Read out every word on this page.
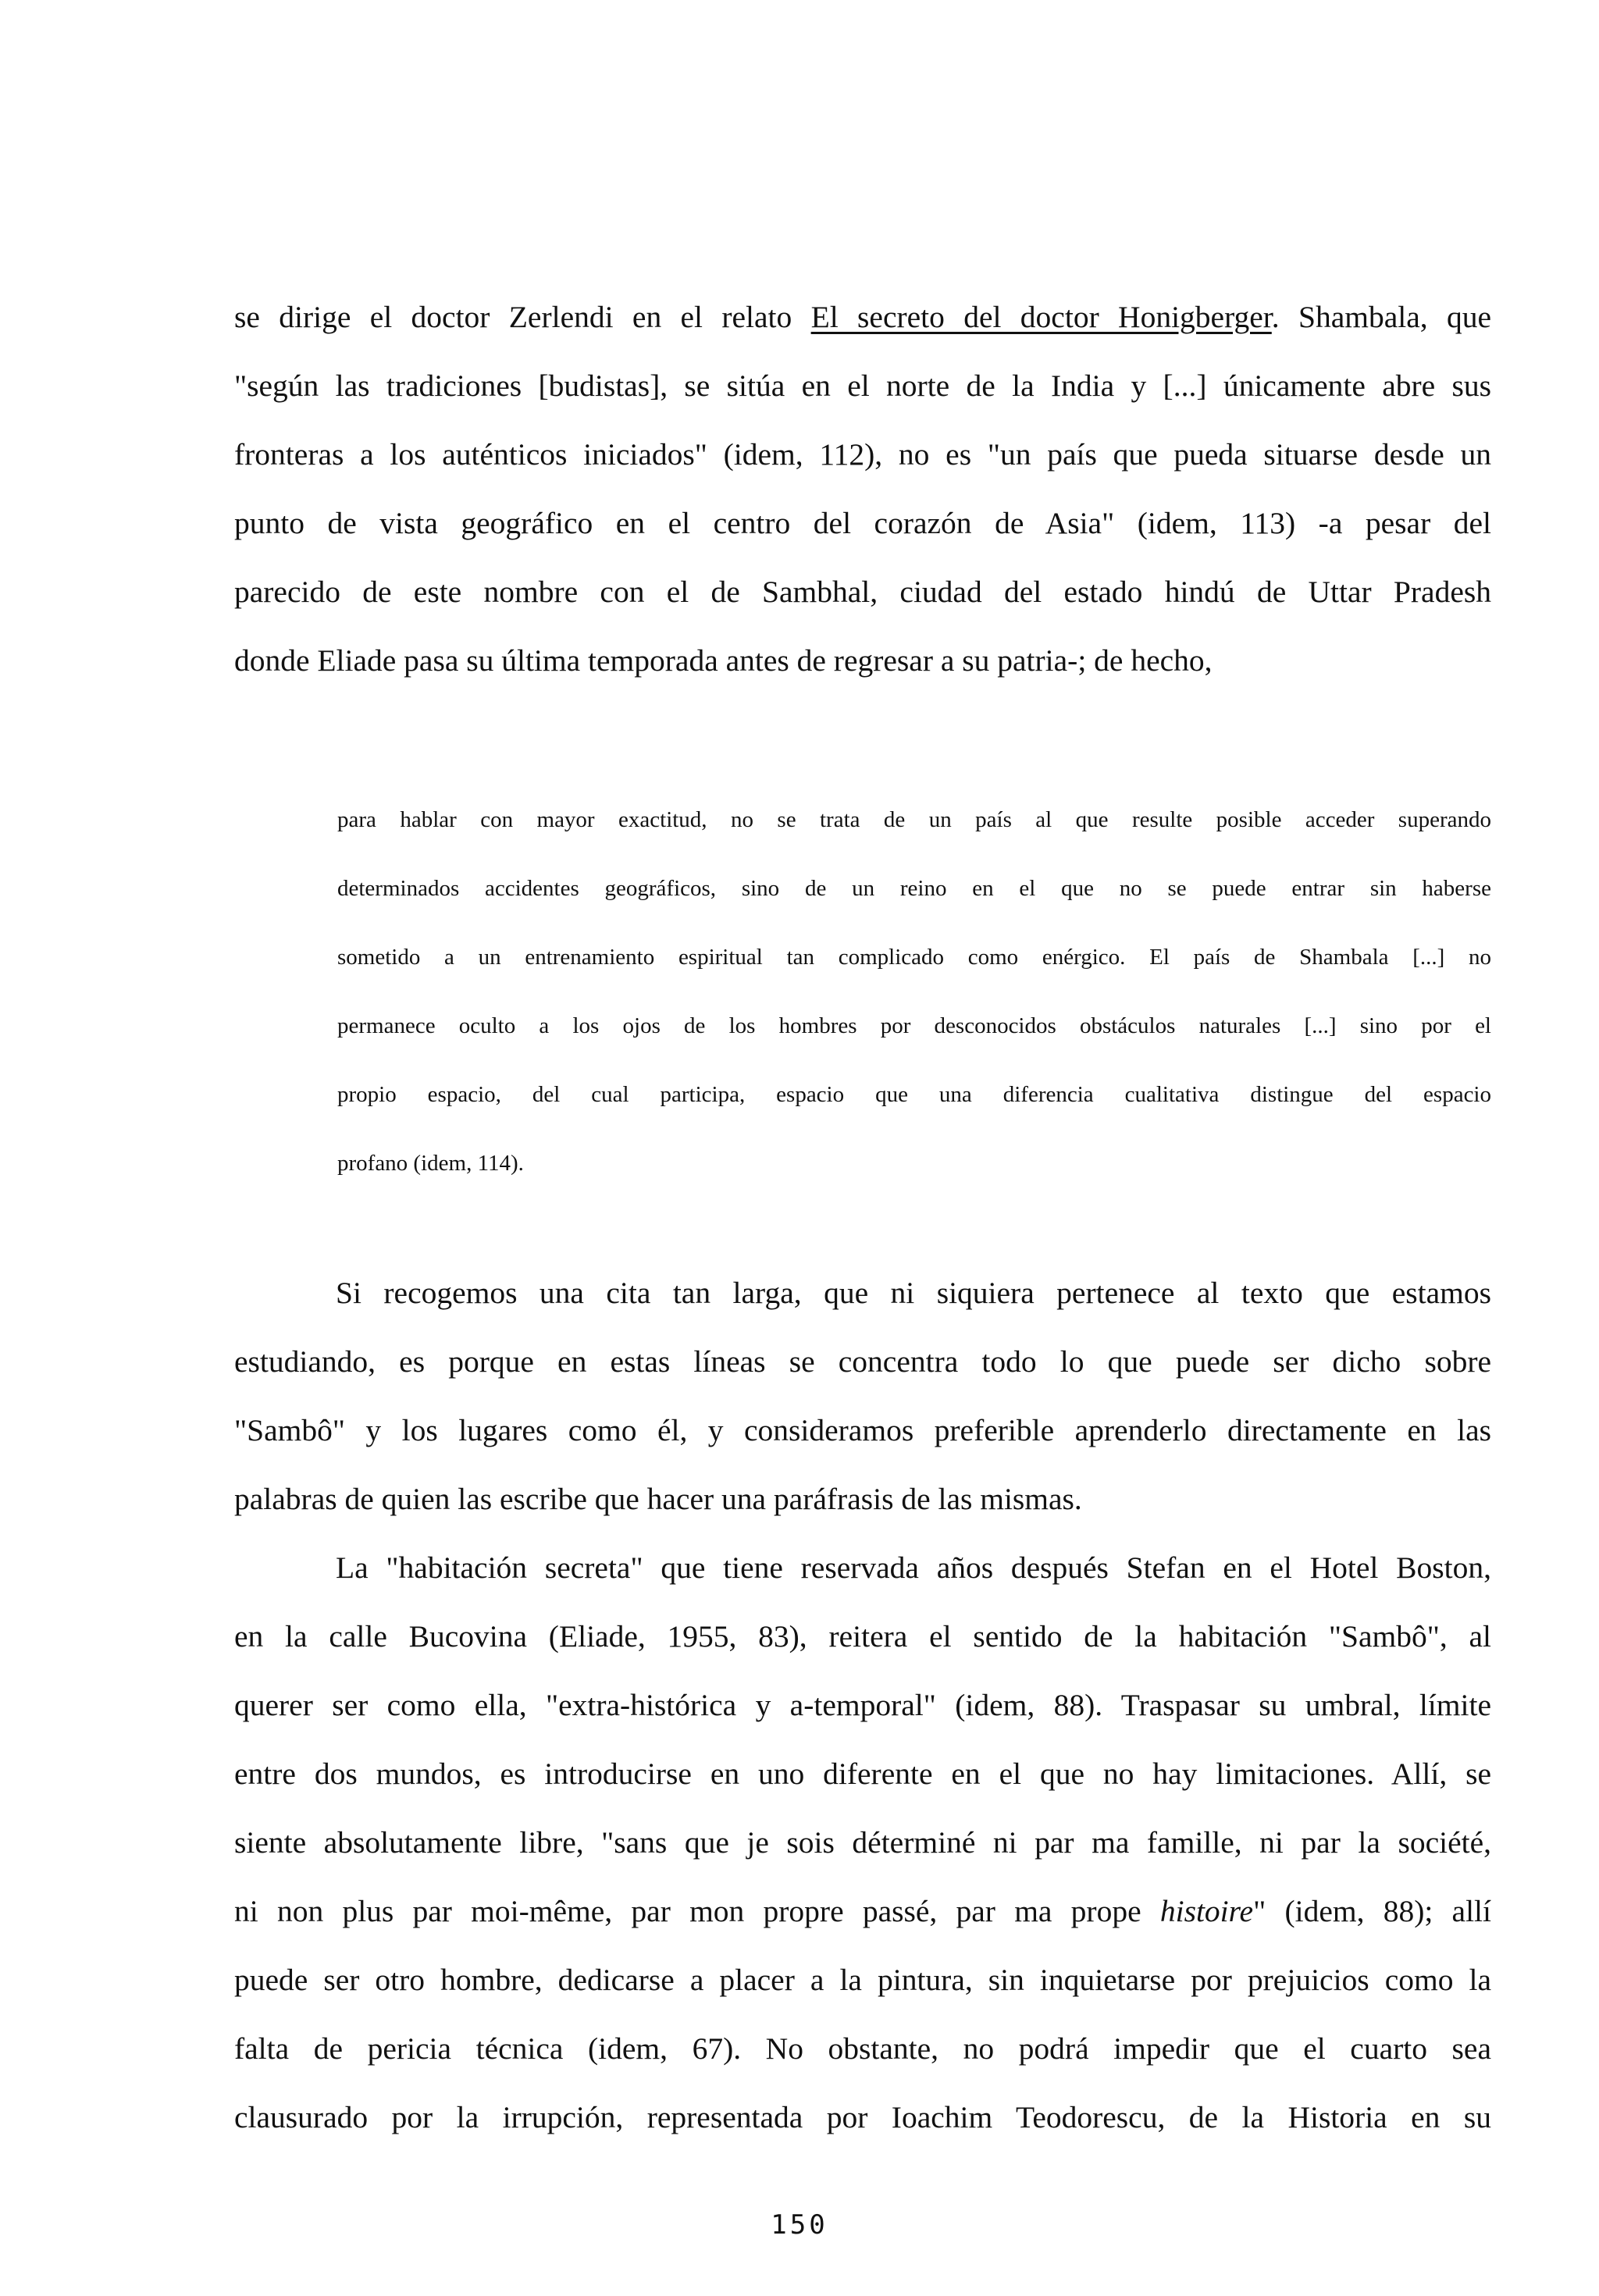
se dirige el doctor Zerlendi en el relato El secreto del doctor Honigberger. Shambala, que
"según las tradiciones [budistas], se sitúa en el norte de la India y [...] únicamente abre sus
fronteras a los auténticos iniciados" (idem, 112), no es "un país que pueda situarse desde un
punto de vista geográfico en el centro del corazón de Asia" (idem, 113) -a pesar del
parecido de este nombre con el de Sambhal, ciudad del estado hindú de Uttar Pradesh
donde Eliade pasa su última temporada antes de regresar a su patria-; de hecho,
para hablar con mayor exactitud, no se trata de un país al que resulte posible acceder superando
determinados accidentes geográficos, sino de un reino en el que no se puede entrar sin haberse
sometido a un entrenamiento espiritual tan complicado como enérgico. El país de Shambala [...] no
permanece oculto a los ojos de los hombres por desconocidos obstáculos naturales [...] sino por el
propio espacio, del cual participa, espacio que una diferencia cualitativa distingue del espacio
profano (idem, 114).
Si recogemos una cita tan larga, que ni siquiera pertenece al texto que estamos
estudiando, es porque en estas líneas se concentra todo lo que puede ser dicho sobre
"Sambô" y los lugares como él, y consideramos preferible aprenderlo directamente en las
palabras de quien las escribe que hacer una paráfrasis de las mismas.
La "habitación secreta" que tiene reservada años después Stefan en el Hotel Boston,
en la calle Bucovina (Eliade, 1955, 83), reitera el sentido de la habitación "Sambô", al
querer ser como ella, "extra-histórica y a-temporal" (idem, 88). Traspasar su umbral, límite
entre dos mundos, es introducirse en uno diferente en el que no hay limitaciones. Allí, se
siente absolutamente libre, "sans que je sois déterminé ni par ma famille, ni par la société,
ni non plus par moi-même, par mon propre passé, par ma prope histoire" (idem, 88); allí
puede ser otro hombre, dedicarse a placer a la pintura, sin inquietarse por prejuicios como la
falta de pericia técnica (idem, 67). No obstante, no podrá impedir que el cuarto sea
clausurado por la irrupción, representada por Ioachim Teodorescu, de la Historia en su
150
